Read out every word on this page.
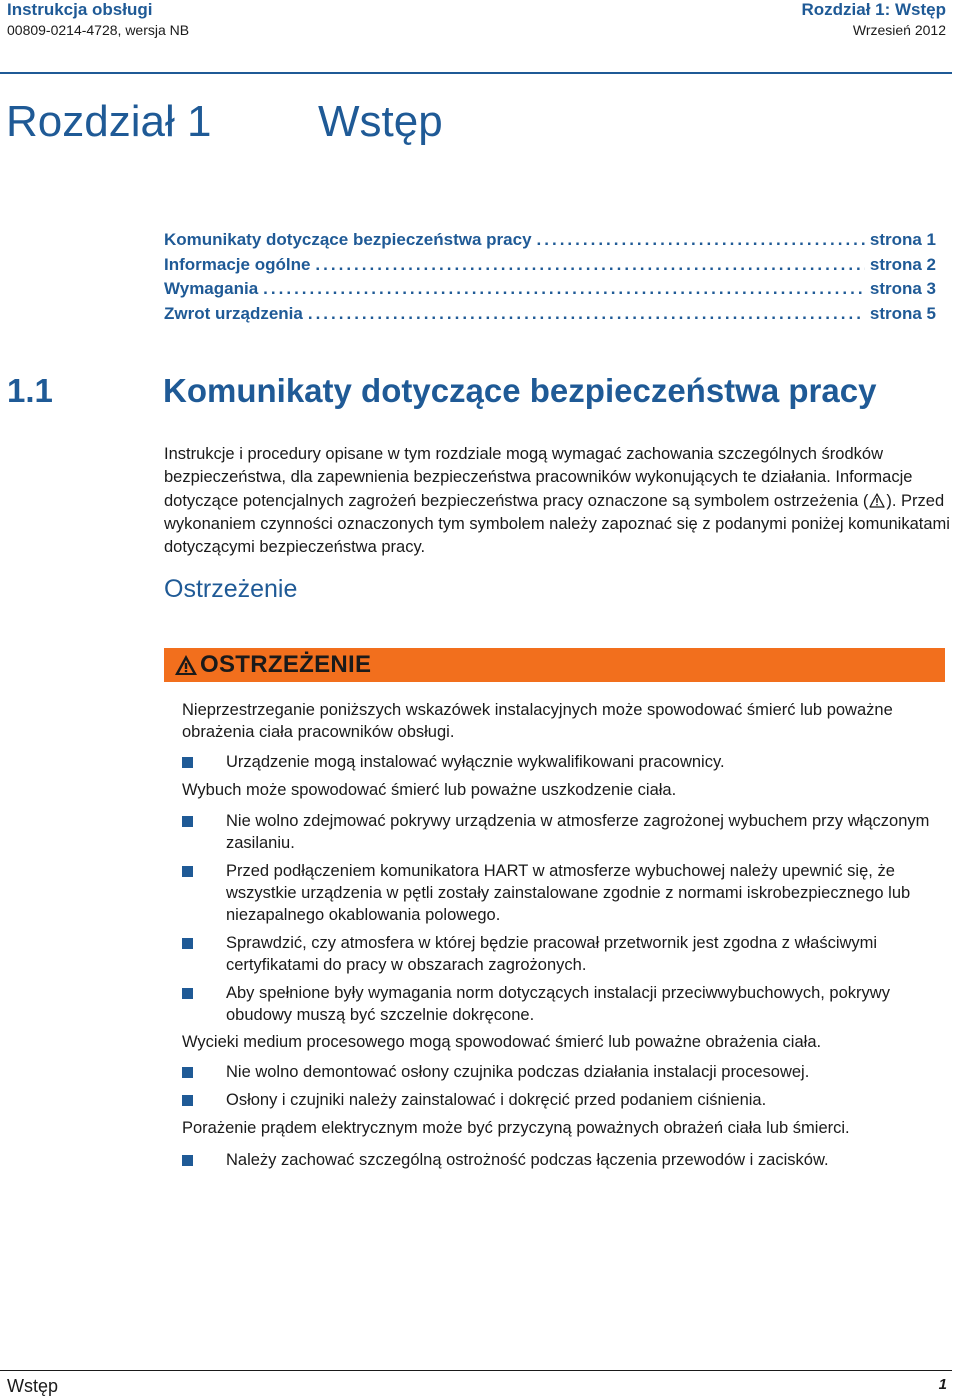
Instrukcja obsługi
00809-0214-4728, wersja NB
Rozdział 1: Wstęp
Wrzesień 2012
Rozdział 1 Wstęp
Komunikaty dotyczące bezpieczeństwa pracy .....	strona 1
Informacje ogólne .....	strona 2
Wymagania .....	strona 3
Zwrot urządzenia .....	strona 5
1.1	Komunikaty dotyczące bezpieczeństwa pracy
Instrukcje i procedury opisane w tym rozdziale mogą wymagać zachowania szczególnych środków bezpieczeństwa, dla zapewnienia bezpieczeństwa pracowników wykonujących te działania. Informacje dotyczące potencjalnych zagrożeń bezpieczeństwa pracy oznaczone są symbolem ostrzeżenia ( ). Przed wykonaniem czynności oznaczonych tym symbolem należy zapoznać się z podanymi poniżej komunikatami dotyczącymi bezpieczeństwa pracy.
Ostrzeżenie
OSTRZEŻENIE

Nieprzestrzeganie poniższych wskazówek instalacyjnych może spowodować śmierć lub poważne obrażenia ciała pracowników obsługi.

Urządzenie mogą instalować wyłącznie wykwalifikowani pracownicy.

Wybuch może spowodować śmierć lub poważne uszkodzenie ciała.

Nie wolno zdejmować pokrywy urządzenia w atmosferze zagrożonej wybuchem przy włączonym zasilaniu.
Przed podłączeniem komunikatora HART w atmosferze wybuchowej należy upewnić się, że wszystkie urządzenia w pętli zostały zainstalowane zgodnie z normami iskrobezpiecznego lub niezapalnego okablowania polowego.
Sprawdzić, czy atmosfera w której będzie pracował przetwornik jest zgodna z właściwymi certyfikatami do pracy w obszarach zagrożonych.
Aby spełnione były wymagania norm dotyczących instalacji przeciwwybuchowych, pokrywy obudowy muszą być szczelnie dokręcone.

Wycieki medium procesowego mogą spowodować śmierć lub poważne obrażenia ciała.

Nie wolno demontować osłony czujnika podczas działania instalacji procesowej.
Osłony i czujniki należy zainstalować i dokręcić przed podaniem ciśnienia.

Porażenie prądem elektrycznym może być przyczyną poważnych obrażeń ciała lub śmierci.

Należy zachować szczególną ostrożność podczas łączenia przewodów i zacisków.
Wstęp	1
